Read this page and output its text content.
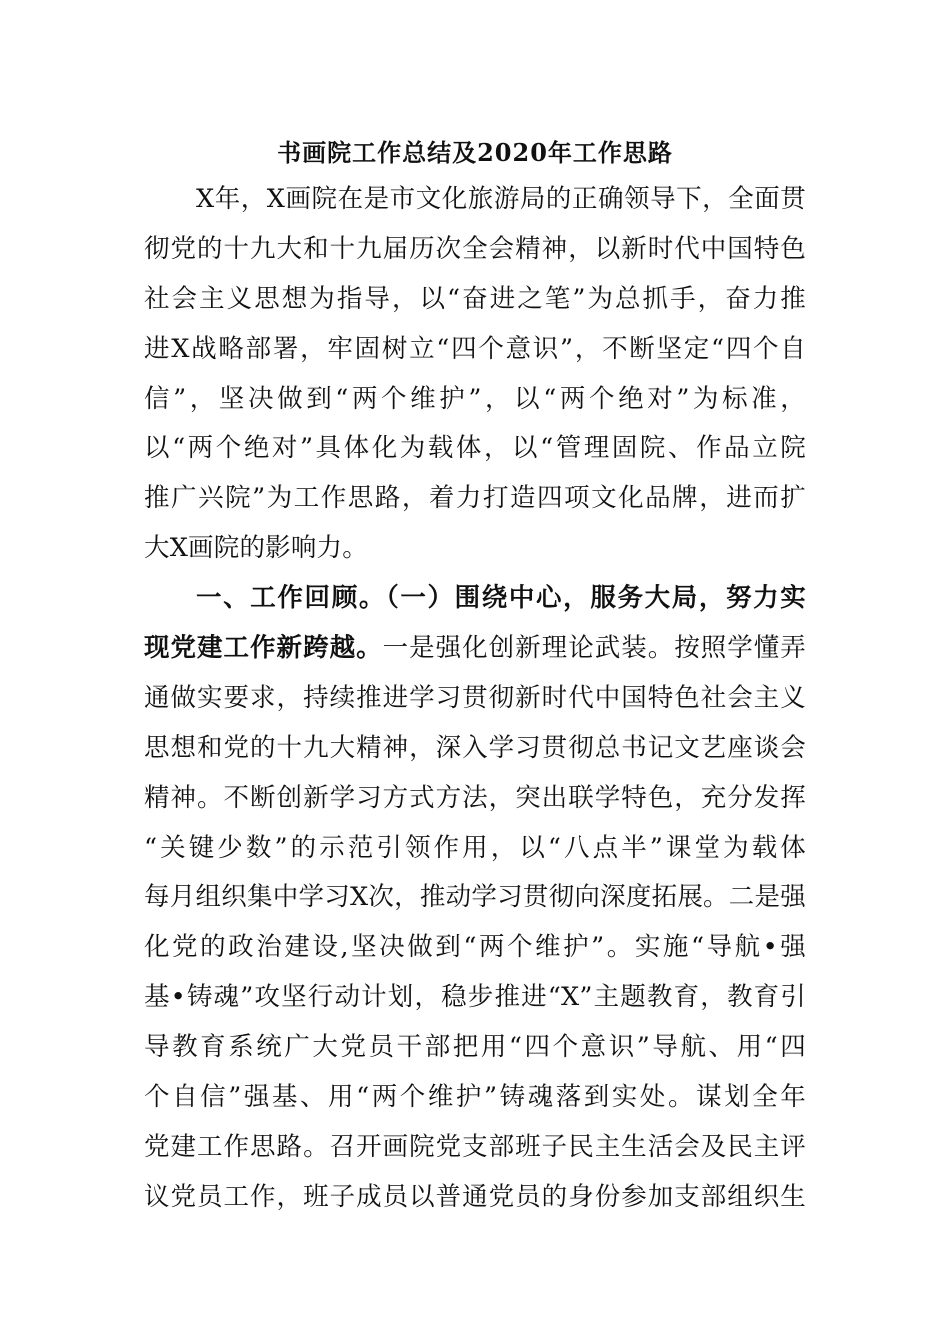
书画院工作总结及2020年工作思路
X年，X画院在是市文化旅游局的正确领导下，全面贯
彻党的十九大和十九届历次全会精神，以新时代中国特色
社会主义思想为指导，以“奋进之笔”为总抓手，奋力推
进X战略部署，牢固树立“四个意识”，不断坚定“四个自
信”，坚决做到“两个维护”，以“两个绝对”为标准，
以“两个绝对”具体化为载体，以“管理固院、作品立院
推广兴院”为工作思路，着力打造四项文化品牌，进而扩
大X画院的影响力。
一、工作回顾。（一）围绕中心，服务大局，努力实
现党建工作新跨越。一是强化创新理论武装。按照学懂弄
通做实要求，持续推进学习贯彻新时代中国特色社会主义
思想和党的十九大精神，深入学习贯彻总书记文艺座谈会
精神。不断创新学习方式方法，突出联学特色，充分发挥
“关键少数”的示范引领作用，以“八点半”课堂为载体
每月组织集中学习X次，推动学习贯彻向深度拓展。二是强
化党的政治建设,坚决做到“两个维护”。实施“导航•强
基•铸魂”攻坚行动计划，稳步推进“X”主题教育，教育引
导教育系统广大党员干部把用“四个意识”导航、用“四
个自信”强基、用“两个维护”铸魂落到实处。谋划全年
党建工作思路。召开画院党支部班子民主生活会及民主评
议党员工作，班子成员以普通党员的身份参加支部组织生
